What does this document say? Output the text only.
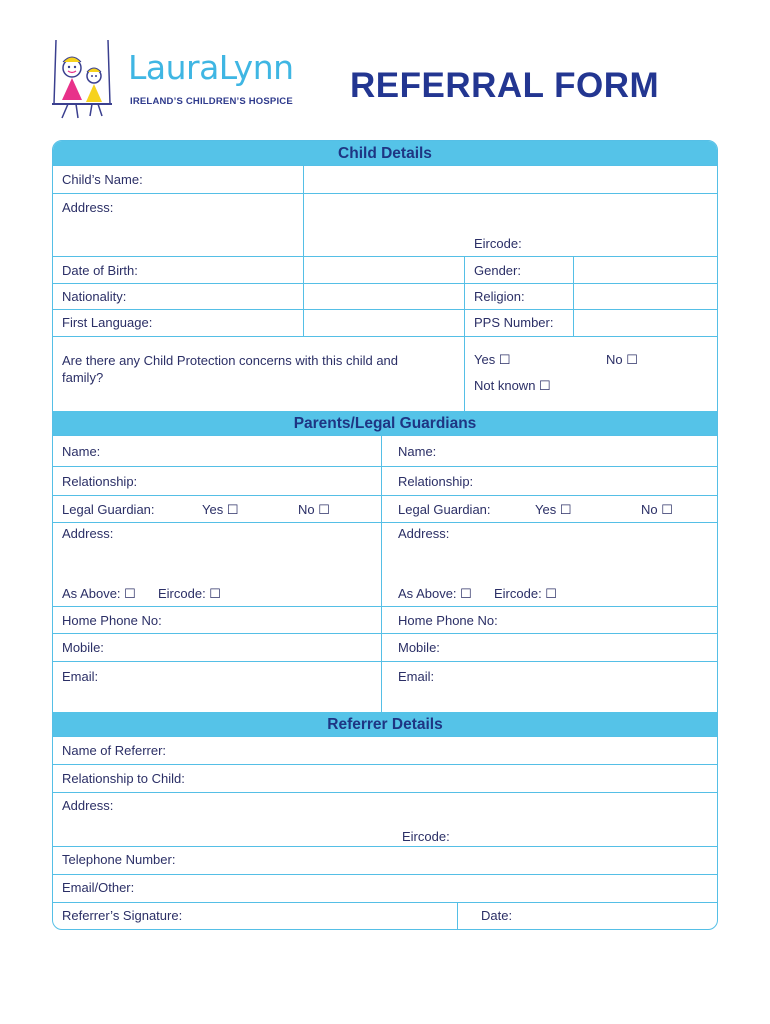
LauraLynn
IRELAND’S CHILDREN’S HOSPICE REFERRAL FORM
Child Details
Child’s Name:
Address:
Eircode:
Date of Birth:	Gender:
Nationality:	Religion:
First Language:	PPS Number:
Are there any Child Protection concerns with this child and family?
Yes ☐	No ☐
Not known ☐
Parents/Legal Guardians
Name:	Name:
Relationship:	Relationship:
Legal Guardian:	Yes ☐	No ☐	Legal Guardian:	Yes ☐	No ☐
Address:
As Above: ☐ Eircode: ☐
Address:
As Above: ☐ Eircode: ☐
Home Phone No:	Home Phone No:
Mobile:	Mobile:
Email:	Email:
Referrer Details
Name of Referrer:
Relationship to Child:
Address:
Eircode:
Telephone Number:
Email/Other:
Referrer’s Signature:	Date:
